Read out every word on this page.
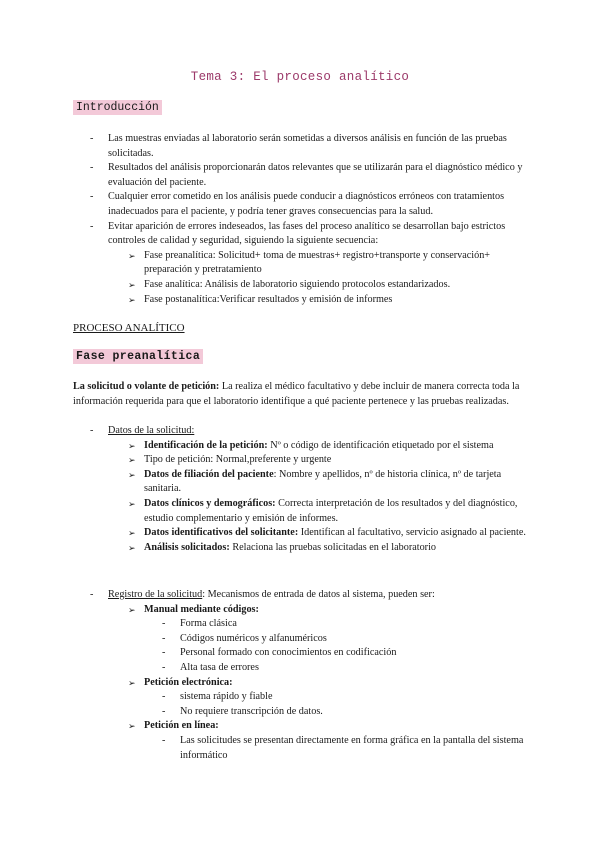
Tema 3: El proceso analítico
Introducción
- Las muestras enviadas al laboratorio serán sometidas a diversos análisis en función de las pruebas solicitadas.
- Resultados del análisis proporcionarán datos relevantes que se utilizarán para el diagnóstico médico y evaluación del paciente.
- Cualquier error cometido en los análisis puede conducir a diagnósticos erróneos con tratamientos inadecuados para el paciente, y podría tener graves consecuencias para la salud.
- Evitar aparición de errores indeseados, las fases del proceso analítico se desarrollan bajo estrictos controles de calidad y seguridad, siguiendo la siguiente secuencia:
➢ Fase preanalítica: Solicitud+ toma de muestras+ registro+transporte y conservación+ preparación y pretratamiento
➢ Fase analítica: Análisis de laboratorio siguiendo protocolos estandarizados.
➢ Fase postanalítica:Verificar resultados y emisión de informes
PROCESO ANALÍTICO
Fase preanalítica
La solicitud o volante de petición: La realiza el médico facultativo y debe incluir de manera correcta toda la información requerida para que el laboratorio identifique a qué paciente pertenece y las pruebas realizadas.
- Datos de la solicitud:
➢ Identificación de la petición: Nº o código de identificación etiquetado por el sistema
➢ Tipo de petición: Normal,preferente y urgente
➢ Datos de filiación del paciente: Nombre y apellidos, nº de historia clínica, nº de tarjeta sanitaria.
➢ Datos clínicos y demográficos: Correcta interpretación de los resultados y del diagnóstico, estudio complementario y emisión de informes.
➢ Datos identificativos del solicitante: Identifican al facultativo, servicio asignado al paciente.
➢ Análisis solicitados: Relaciona las pruebas solicitadas en el laboratorio
- Registro de la solicitud: Mecanismos de entrada de datos al sistema, pueden ser:
➢ Manual mediante códigos:
- Forma clásica
- Códigos numéricos y alfanuméricos
- Personal formado con conocimientos en codificación
- Alta tasa de errores
➢ Petición electrónica:
- sistema rápido y fiable
- No requiere transcripción de datos.
➢ Petición en línea:
- Las solicitudes se presentan directamente en forma gráfica en la pantalla del sistema informático
